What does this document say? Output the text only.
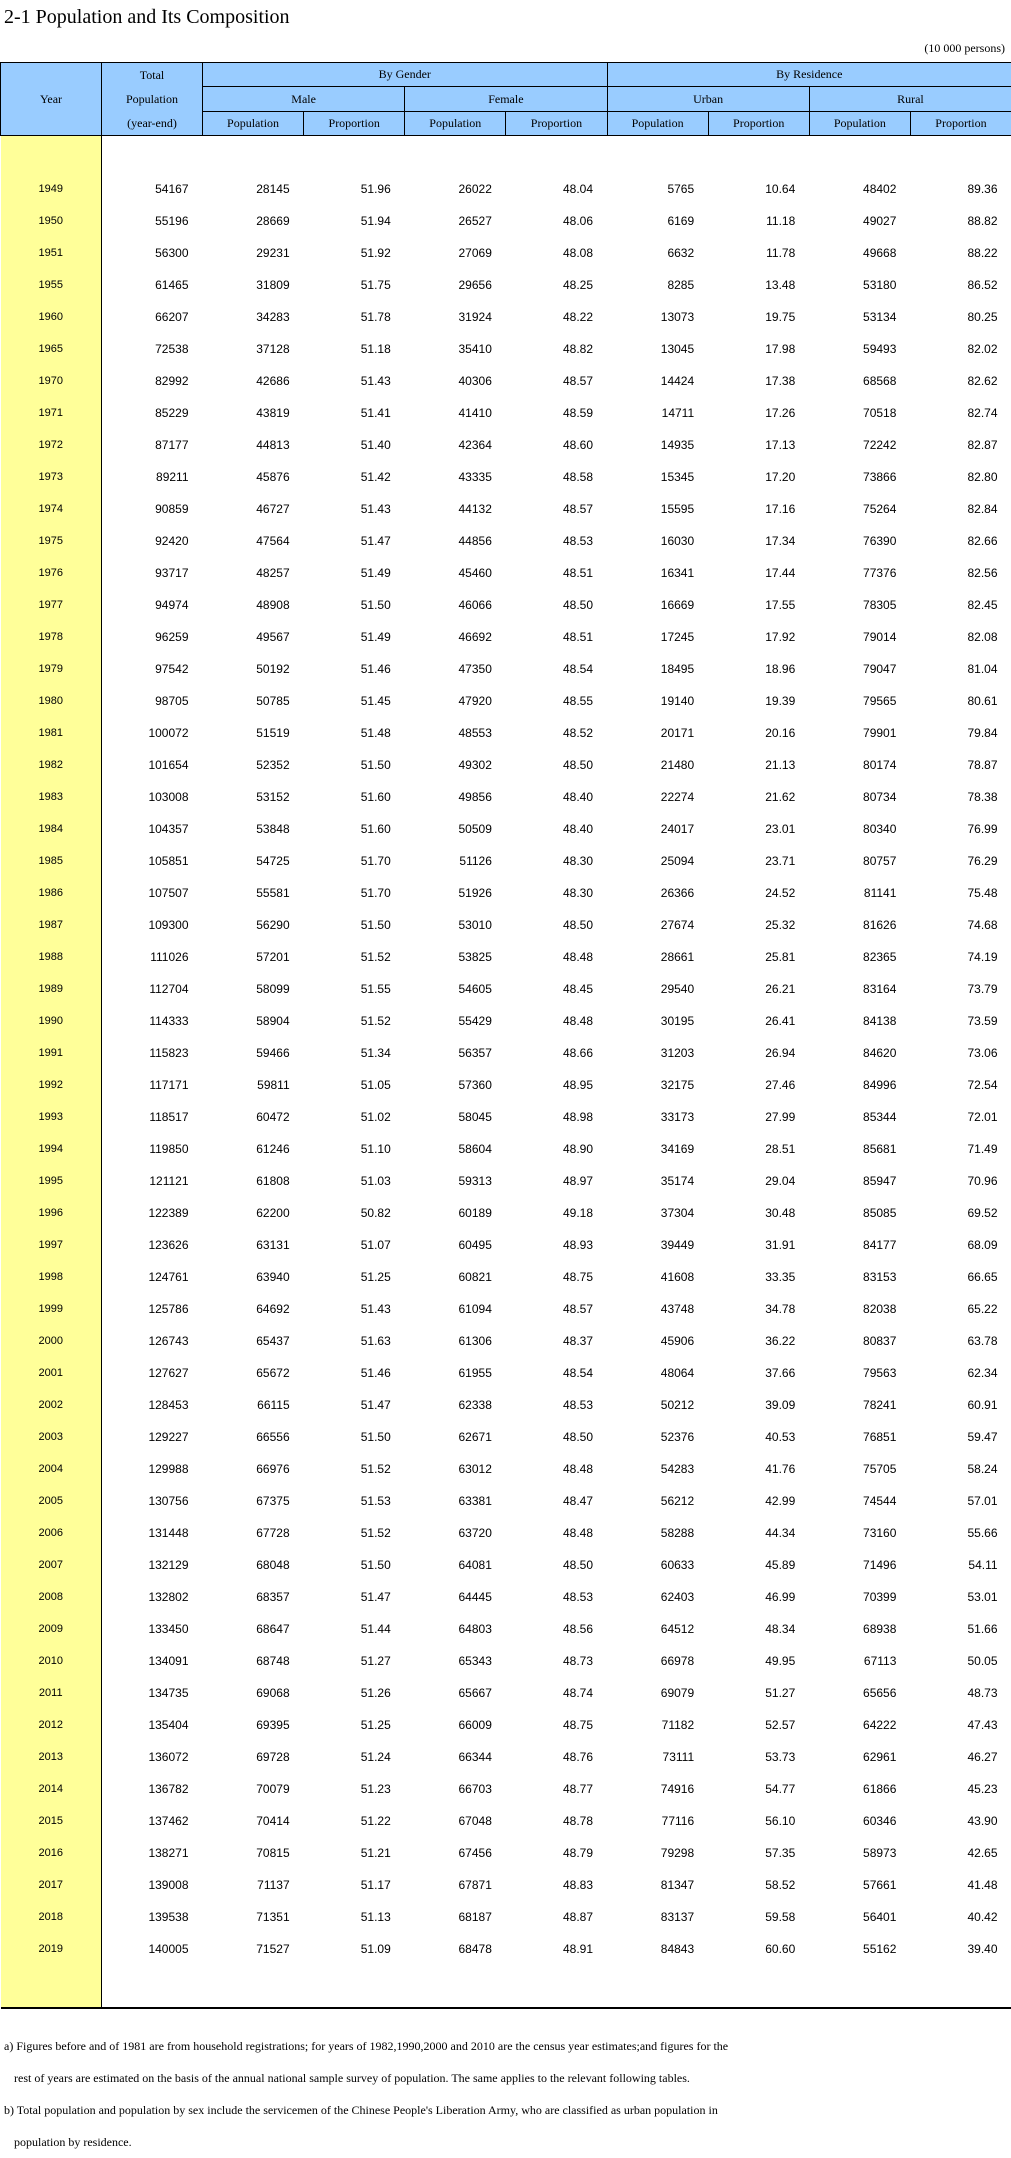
2-1 Population and Its Composition
(10 000 persons)
Year	Total
Population
(year-end)	By Gender				By Residence			
		Male		Female		Urban		Rural	
		Population	Proportion	Population	Proportion	Population	Proportion	Population	Proportion

1949	54167	28145	51.96	26022	48.04	5765	10.64	48402	89.36
1950	55196	28669	51.94	26527	48.06	6169	11.18	49027	88.82
1951	56300	29231	51.92	27069	48.08	6632	11.78	49668	88.22
1955	61465	31809	51.75	29656	48.25	8285	13.48	53180	86.52
1960	66207	34283	51.78	31924	48.22	13073	19.75	53134	80.25
1965	72538	37128	51.18	35410	48.82	13045	17.98	59493	82.02
1970	82992	42686	51.43	40306	48.57	14424	17.38	68568	82.62
1971	85229	43819	51.41	41410	48.59	14711	17.26	70518	82.74
1972	87177	44813	51.40	42364	48.60	14935	17.13	72242	82.87
1973	89211	45876	51.42	43335	48.58	15345	17.20	73866	82.80
1974	90859	46727	51.43	44132	48.57	15595	17.16	75264	82.84
1975	92420	47564	51.47	44856	48.53	16030	17.34	76390	82.66
1976	93717	48257	51.49	45460	48.51	16341	17.44	77376	82.56
1977	94974	48908	51.50	46066	48.50	16669	17.55	78305	82.45
1978	96259	49567	51.49	46692	48.51	17245	17.92	79014	82.08
1979	97542	50192	51.46	47350	48.54	18495	18.96	79047	81.04
1980	98705	50785	51.45	47920	48.55	19140	19.39	79565	80.61
1981	100072	51519	51.48	48553	48.52	20171	20.16	79901	79.84
1982	101654	52352	51.50	49302	48.50	21480	21.13	80174	78.87
1983	103008	53152	51.60	49856	48.40	22274	21.62	80734	78.38
1984	104357	53848	51.60	50509	48.40	24017	23.01	80340	76.99
1985	105851	54725	51.70	51126	48.30	25094	23.71	80757	76.29
1986	107507	55581	51.70	51926	48.30	26366	24.52	81141	75.48
1987	109300	56290	51.50	53010	48.50	27674	25.32	81626	74.68
1988	111026	57201	51.52	53825	48.48	28661	25.81	82365	74.19
1989	112704	58099	51.55	54605	48.45	29540	26.21	83164	73.79
1990	114333	58904	51.52	55429	48.48	30195	26.41	84138	73.59
1991	115823	59466	51.34	56357	48.66	31203	26.94	84620	73.06
1992	117171	59811	51.05	57360	48.95	32175	27.46	84996	72.54
1993	118517	60472	51.02	58045	48.98	33173	27.99	85344	72.01
1994	119850	61246	51.10	58604	48.90	34169	28.51	85681	71.49
1995	121121	61808	51.03	59313	48.97	35174	29.04	85947	70.96
1996	122389	62200	50.82	60189	49.18	37304	30.48	85085	69.52
1997	123626	63131	51.07	60495	48.93	39449	31.91	84177	68.09
1998	124761	63940	51.25	60821	48.75	41608	33.35	83153	66.65
1999	125786	64692	51.43	61094	48.57	43748	34.78	82038	65.22
2000	126743	65437	51.63	61306	48.37	45906	36.22	80837	63.78
2001	127627	65672	51.46	61955	48.54	48064	37.66	79563	62.34
2002	128453	66115	51.47	62338	48.53	50212	39.09	78241	60.91
2003	129227	66556	51.50	62671	48.50	52376	40.53	76851	59.47
2004	129988	66976	51.52	63012	48.48	54283	41.76	75705	58.24
2005	130756	67375	51.53	63381	48.47	56212	42.99	74544	57.01
2006	131448	67728	51.52	63720	48.48	58288	44.34	73160	55.66
2007	132129	68048	51.50	64081	48.50	60633	45.89	71496	54.11
2008	132802	68357	51.47	64445	48.53	62403	46.99	70399	53.01
2009	133450	68647	51.44	64803	48.56	64512	48.34	68938	51.66
2010	134091	68748	51.27	65343	48.73	66978	49.95	67113	50.05
2011	134735	69068	51.26	65667	48.74	69079	51.27	65656	48.73
2012	135404	69395	51.25	66009	48.75	71182	52.57	64222	47.43
2013	136072	69728	51.24	66344	48.76	73111	53.73	62961	46.27
2014	136782	70079	51.23	66703	48.77	74916	54.77	61866	45.23
2015	137462	70414	51.22	67048	48.78	77116	56.10	60346	43.90
2016	138271	70815	51.21	67456	48.79	79298	57.35	58973	42.65
2017	139008	71137	51.17	67871	48.83	81347	58.52	57661	41.48
2018	139538	71351	51.13	68187	48.87	83137	59.58	56401	40.42
2019	140005	71527	51.09	68478	48.91	84843	60.60	55162	39.40

a) Figures before and of 1981 are from household registrations; for years of 1982,1990,2000 and 2010 are the census year estimates;and figures for the

rest of years are estimated on the basis of the annual national sample survey of population. The same applies to the relevant following tables.

b) Total population and population by sex include the servicemen of the Chinese People's Liberation Army, who are classified as urban population in

population by residence.
